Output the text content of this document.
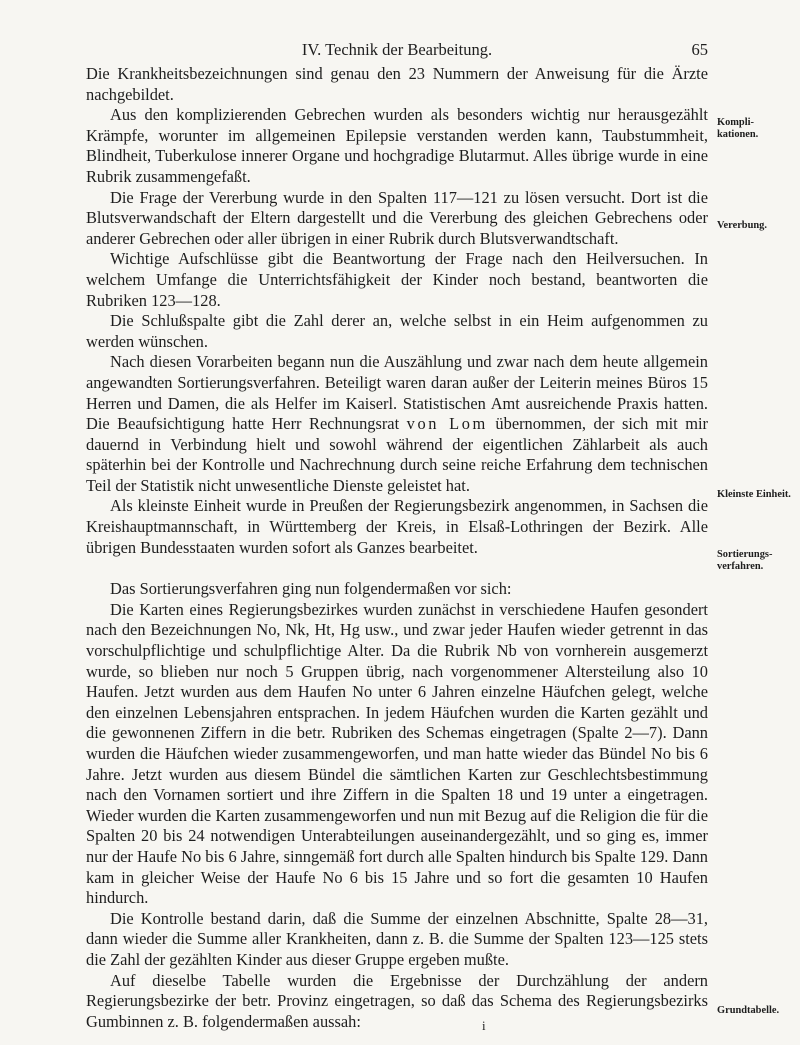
IV. Technik der Bearbeitung.	65

Die Krankheitsbezeichnungen sind genau den 23 Nummern der Anweisung für die Ärzte nachgebildet.

Aus den komplizierenden Gebrechen wurden als besonders wichtig nur herausgezählt Krämpfe, worunter im allgemeinen Epilepsie verstanden werden kann, Taubstummheit, Blindheit, Tuberkulose innerer Organe und hochgradige Blutarmut. Alles übrige wurde in eine Rubrik zusammengefaßt.

Die Frage der Vererbung wurde in den Spalten 117—121 zu lösen versucht. Dort ist die Blutsverwandschaft der Eltern dargestellt und die Vererbung des gleichen Gebrechens oder anderer Gebrechen oder aller übrigen in einer Rubrik durch Blutsverwandtschaft.

Wichtige Aufschlüsse gibt die Beantwortung der Frage nach den Heilversuchen. In welchem Umfange die Unterrichtsfähigkeit der Kinder noch bestand, beantworten die Rubriken 123—128.

Die Schlußspalte gibt die Zahl derer an, welche selbst in ein Heim aufgenommen zu werden wünschen.

Nach diesen Vorarbeiten begann nun die Auszählung und zwar nach dem heute allgemein angewandten Sortierungsverfahren. Beteiligt waren daran außer der Leiterin meines Büros 15 Herren und Damen, die als Helfer im Kaiserl. Statistischen Amt ausreichende Praxis hatten. Die Beaufsichtigung hatte Herr Rechnungsrat von Lom übernommen, der sich mit mir dauernd in Verbindung hielt und sowohl während der eigentlichen Zählarbeit als auch späterhin bei der Kontrolle und Nachrechnung durch seine reiche Erfahrung dem technischen Teil der Statistik nicht unwesentliche Dienste geleistet hat.

Als kleinste Einheit wurde in Preußen der Regierungsbezirk angenommen, in Sachsen die Kreishauptmannschaft, in Württemberg der Kreis, in Elsaß-Lothringen der Bezirk. Alle übrigen Bundesstaaten wurden sofort als Ganzes bearbeitet.

Das Sortierungsverfahren ging nun folgendermaßen vor sich:

Die Karten eines Regierungsbezirkes wurden zunächst in verschiedene Haufen gesondert nach den Bezeichnungen No, Nk, Ht, Hg usw., und zwar jeder Haufen wieder getrennt in das vorschulpflichtige und schulpflichtige Alter. Da die Rubrik Nb von vornherein ausgemerzt wurde, so blieben nur noch 5 Gruppen übrig, nach vorgenommener Altersteilung also 10 Haufen. Jetzt wurden aus dem Haufen No unter 6 Jahren einzelne Häufchen gelegt, welche den einzelnen Lebensjahren entsprachen. In jedem Häufchen wurden die Karten gezählt und die gewonnenen Ziffern in die betr. Rubriken des Schemas eingetragen (Spalte 2—7). Dann wurden die Häufchen wieder zusammengeworfen, und man hatte wieder das Bündel No bis 6 Jahre. Jetzt wurden aus diesem Bündel die sämtlichen Karten zur Geschlechtsbestimmung nach den Vornamen sortiert und ihre Ziffern in die Spalten 18 und 19 unter a eingetragen. Wieder wurden die Karten zusammengeworfen und nun mit Bezug auf die Religion die für die Spalten 20 bis 24 notwendigen Unterabteilungen auseinandergezählt, und so ging es, immer nur der Haufe No bis 6 Jahre, sinngemäß fort durch alle Spalten hindurch bis Spalte 129. Dann kam in gleicher Weise der Haufe No 6 bis 15 Jahre und so fort die gesamten 10 Haufen hindurch.

Die Kontrolle bestand darin, daß die Summe der einzelnen Abschnitte, Spalte 28—31, dann wieder die Summe aller Krankheiten, dann z. B. die Summe der Spalten 123—125 stets die Zahl der gezählten Kinder aus dieser Gruppe ergeben mußte.

Auf dieselbe Tabelle wurden die Ergebnisse der Durchzählung der andern Regierungsbezirke der betr. Provinz eingetragen, so daß das Schema des Regierungsbezirks Gumbinnen z. B. folgendermaßen aussah:

Kompli-kationen.
Vererbung.
Kleinste Einheit.
Sortierungs-verfahren.
Grundtabelle.
i
